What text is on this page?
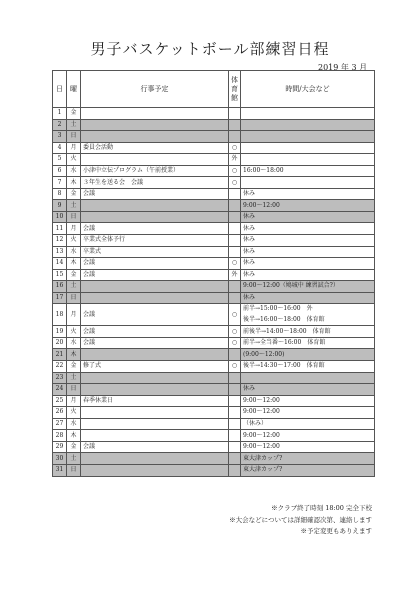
男子バスケットボール部練習日程
2019 年 3 月
日	曜	行事予定	体
育
館	時間/大会など
1	金			
2	土			
3	日			
4	月	委員会活動	○	
5	火		外	
6	水	小津中立伝プログラム（午前授業）	○	16:00～18:00
7	木	３年生を送る会　会議	○	
8	金	会議		休み
9	土			9:00～12:00
10	日			休み
11	月	会議		休み
12	火	卒業式全体予行		休み
13	水	卒業式		休み
14	木	会議	○	休み
15	金	会議	外	休み
16	土			9:00～12:00（鳩城中 練習試合?）
17	日			休み
18	月	会議	○	前半→15:00～16:00　外
後半→16:00～18:00　体育館

19	火	会議	○	前後半→14:00～18:00　体育館
20	水	会議	○	前半→全当番～16:00　体育館
21	木			(9:00～12:00)
22	金	修了式	○	後半→14:30～17:00　体育館
23	土			
24	日			休み
25	月	春季休業日		9:00～12:00
26	火			9:00～12:00
27	水			（休み）
28	木			9:00～12:00
29	金	会議		9:00～12:00
30	土			東大津カップ?
31	日			東大津カップ?
※クラブ終了時刻 18:00 完全下校
※大会などについては詳細確認次第、連絡します
※予定変更もありえます
